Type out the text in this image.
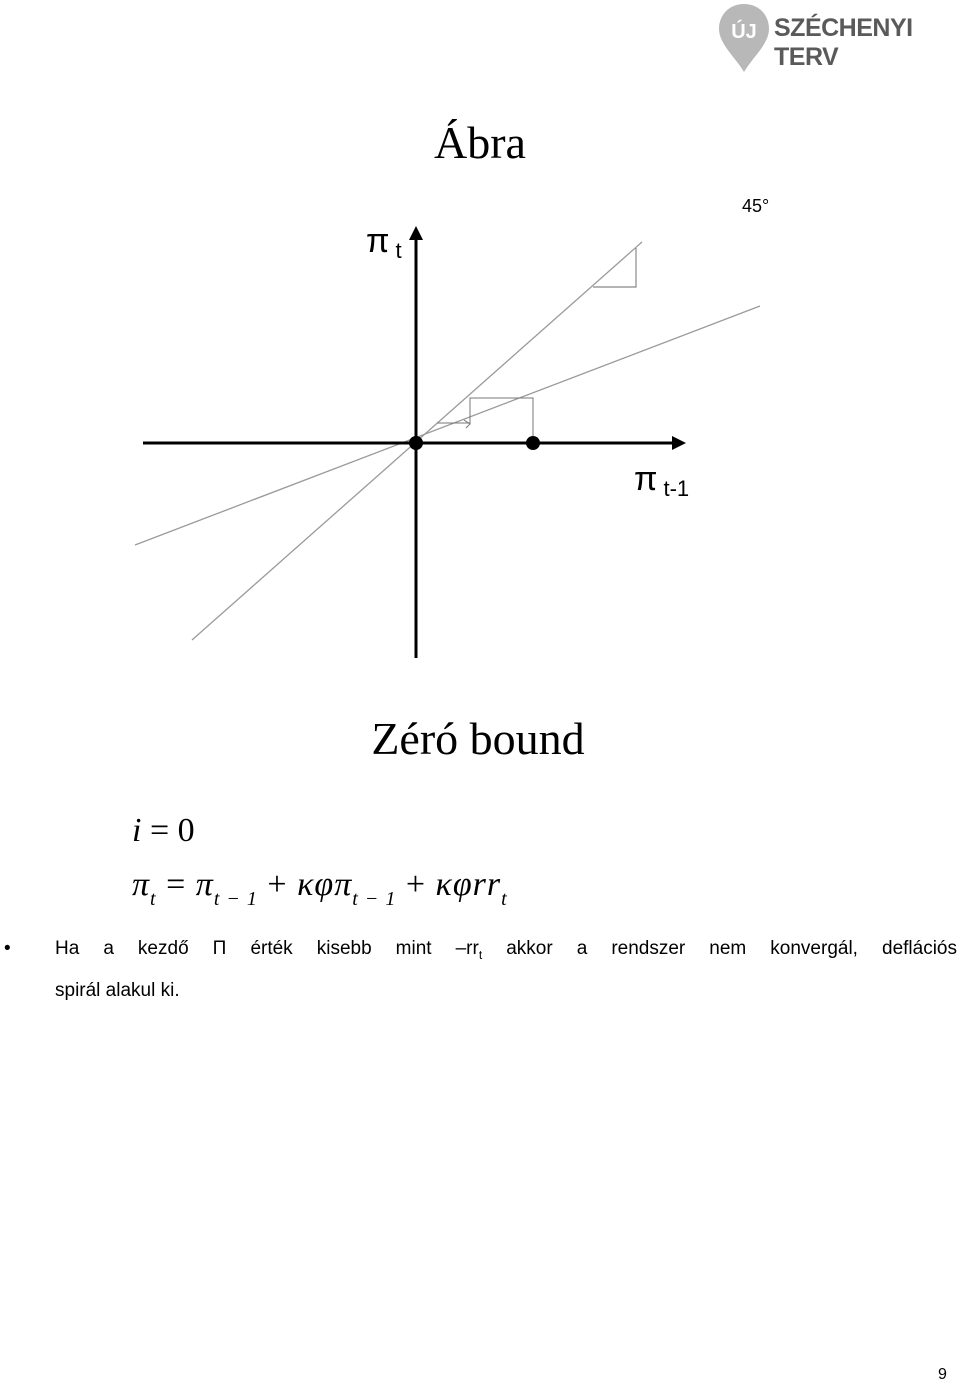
ÚJ SZÉCHENYI TERV
Ábra
π $_t$
π $_{t-1}$
45°
Zéró bound
i = 0
$\pi_t = \pi_{t - 1} + \kappa\varphi\pi_{t - 1} + \kappa\varphi rr_t$
• Ha a kezdő Π érték kisebb mint $-rr_t$ akkor a rendszer nem konvergál, deflációs
spirál alakul ki.
9
